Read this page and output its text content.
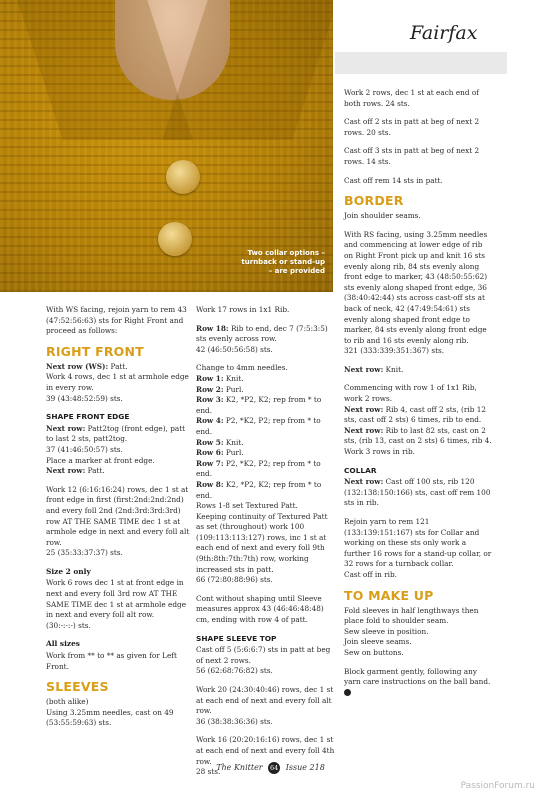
Two collar options – turnback or stand-up – are provided
Fairfax

With WS facing, rejoin yarn to rem 43 (47:52:56:63) sts for Right Front and proceed as follows:

RIGHT FRONT

Next row (WS): Patt.

Work 4 rows, dec 1 st at armhole edge in every row.

39 (43:48:52:59) sts.

SHAPE FRONT EDGE

Next row: Patt2tog (front edge), patt to last 2 sts, patt2tog.

37 (41:46:50:57) sts.

Place a marker at front edge.

Next row: Patt.

Work 12 (6:16:16:24) rows, dec 1 st at front edge in first (first:2nd:2nd:2nd) and every foll 2nd (2nd:3rd:3rd:3rd) row AT THE SAME TIME dec 1 st at armhole edge in next and every foll alt row.

25 (35:33:37:37) sts.

Size 2 only

Work 6 rows dec 1 st at front edge in next and every foll 3rd row AT THE SAME TIME dec 1 st at armhole edge in next and every foll alt row.

(30:-:-:-) sts.

All sizes

Work from ** to ** as given for Left Front.

SLEEVES

(both alike)

Using 3.25mm needles, cast on 49 (53:55:59:63) sts.

Work 17 rows in 1x1 Rib.

Row 18: Rib to end, dec 7 (7:5:3:5) sts evenly across row.

42 (46:50:56:58) sts.

Change to 4mm needles.

Row 1: Knit.

Row 2: Purl.

Row 3: K2, *P2, K2; rep from * to end.

Row 4: P2, *K2, P2; rep from * to end.

Row 5: Knit.

Row 6: Purl.

Row 7: P2, *K2, P2; rep from * to end.

Row 8: K2, *P2, K2; rep from * to end.

Rows 1-8 set Textured Patt.

Keeping continuity of Textured Patt as set (throughout) work 100 (109:113:113:127) rows, inc 1 st at each end of next and every foll 9th (9th:8th:7th:7th) row, working increased sts in patt.

66 (72:80:88:96) sts.

Cont without shaping until Sleeve measures approx 43 (46:46:48:48) cm, ending with row 4 of patt.

SHAPE SLEEVE TOP

Cast off 5 (5:6:6:7) sts in patt at beg of next 2 rows.

56 (62:68:76:82) sts.

Work 20 (24:30:40:46) rows, dec 1 st at each end of next and every foll alt row.

36 (38:38:36:36) sts.

Work 16 (20:20:16:16) rows, dec 1 st at each end of next and every foll 4th row.

28 sts.

Work 2 rows, dec 1 st at each end of both rows. 24 sts.

Cast off 2 sts in patt at beg of next 2 rows. 20 sts.

Cast off 3 sts in patt at beg of next 2 rows. 14 sts.

Cast off rem 14 sts in patt.

BORDER

Join shoulder seams.

With RS facing, using 3.25mm needles and commencing at lower edge of rib on Right Front pick up and knit 16 sts evenly along rib, 84 sts evenly along front edge to marker, 43 (48:50:55:62) sts evenly along shaped front edge, 36 (38:40:42:44) sts across cast-off sts at back of neck, 42 (47:49:54:61) sts evenly along shaped front edge to marker, 84 sts evenly along front edge to rib and 16 sts evenly along rib.

321 (333:339:351:367) sts.

Next row: Knit.

Commencing with row 1 of 1x1 Rib, work 2 rows.

Next row: Rib 4, cast off 2 sts, (rib 12 sts, cast off 2 sts) 6 times, rib to end.

Next row: Rib to last 82 sts, cast on 2 sts, (rib 13, cast on 2 sts) 6 times, rib 4.

Work 3 rows in rib.

COLLAR

Next row: Cast off 100 sts, rib 120 (132:138:150:166) sts, cast off rem 100 sts in rib.

Rejoin yarn to rem 121 (133:139:151:167) sts for Collar and working on these sts only work a further 16 rows for a stand-up collar, or 32 rows for a turnback collar.

Cast off in rib.

TO MAKE UP

Fold sleeves in half lengthways then place fold to shoulder seam.

Sew sleeve in position.

Join sleeve seams.

Sew on buttons.

Block garment gently, following any yarn care instructions on the ball band.

The Knitter 64 Issue 218
PassionForum.ru
